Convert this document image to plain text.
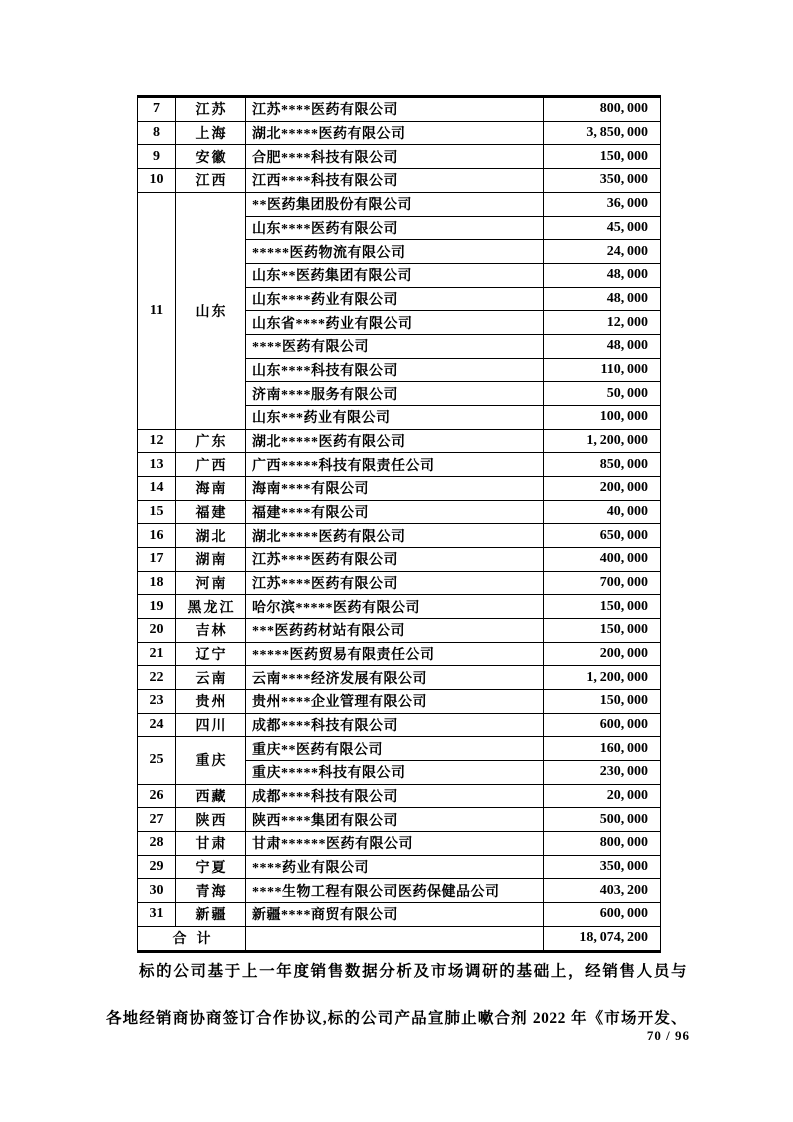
7	江苏	江苏****医药有限公司	800, 000
8	上海	湖北*****医药有限公司	3, 850, 000
9	安徽	合肥****科技有限公司	150, 000
10	江西	江西****科技有限公司	350, 000
11	山东	**医药集团股份有限公司	36, 000
		山东****医药有限公司	45, 000
		*****医药物流有限公司	24, 000
		山东**医药集团有限公司	48, 000
		山东****药业有限公司	48, 000
		山东省****药业有限公司	12, 000
		****医药有限公司	48, 000
		山东****科技有限公司	110, 000
		济南****服务有限公司	50, 000
		山东***药业有限公司	100, 000
12	广东	湖北*****医药有限公司	1, 200, 000
13	广西	广西*****科技有限责任公司	850, 000
14	海南	海南****有限公司	200, 000
15	福建	福建****有限公司	40, 000
16	湖北	湖北*****医药有限公司	650, 000
17	湖南	江苏****医药有限公司	400, 000
18	河南	江苏****医药有限公司	700, 000
19	黑龙江	哈尔滨*****医药有限公司	150, 000
20	吉林	***医药药材站有限公司	150, 000
21	辽宁	*****医药贸易有限责任公司	200, 000
22	云南	云南****经济发展有限公司	1, 200, 000
23	贵州	贵州****企业管理有限公司	150, 000
24	四川	成都****科技有限公司	600, 000
25	重庆	重庆**医药有限公司	160, 000
		重庆*****科技有限公司	230, 000
26	西藏	成都****科技有限公司	20, 000
27	陕西	陕西****集团有限公司	500, 000
28	甘肃	甘肃******医药有限公司	800, 000
29	宁夏	****药业有限公司	350, 000
30	青海	****生物工程有限公司医药保健品公司	403, 200
31	新疆	新疆****商贸有限公司	600, 000
合计			18, 074, 200
标的公司基于上一年度销售数据分析及市场调研的基础上，经销售人员与
各地经销商协商签订合作协议,标的公司产品宣肺止嗽合剂 2022 年《市场开发、
70 / 96
